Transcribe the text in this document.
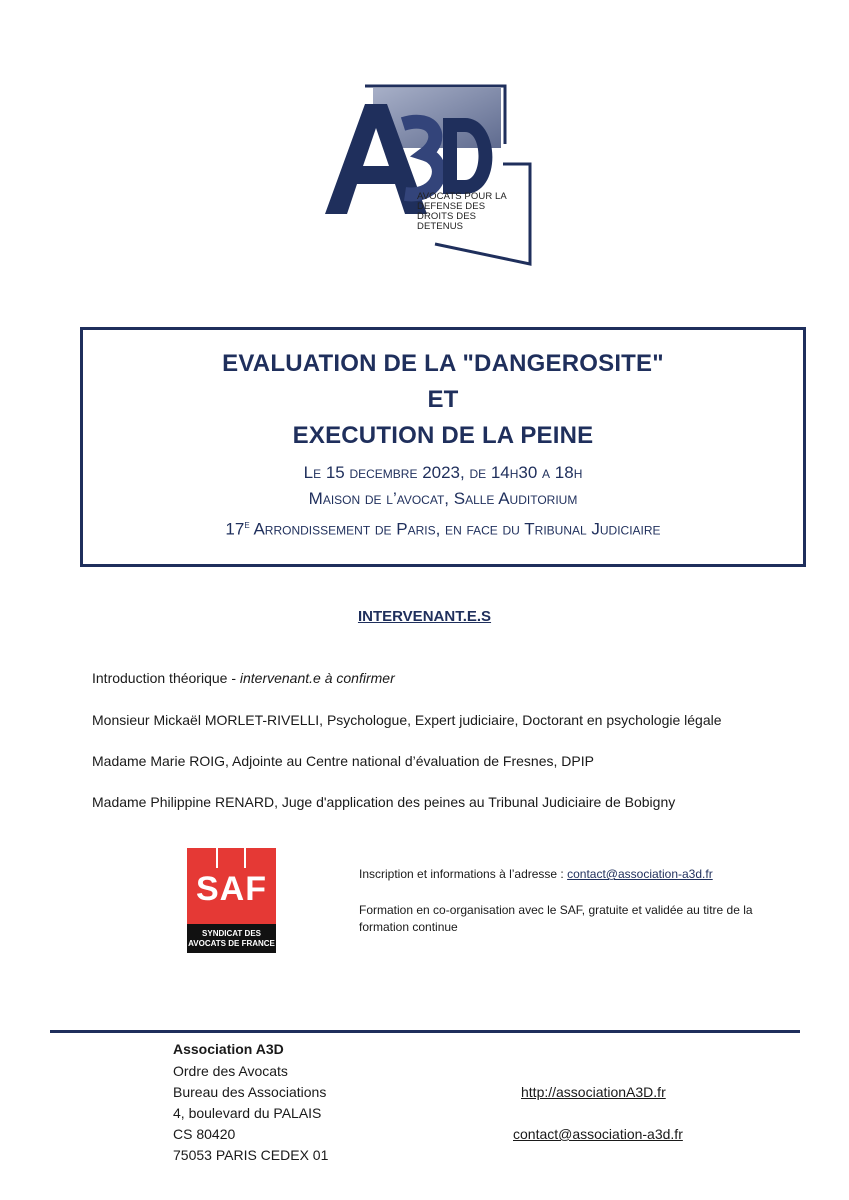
AVOCATS POUR LA
DEFENSE DES
DROITS DES
DETENUS
EVALUATION DE LA "DANGEROSITE"
ET
EXECUTION DE LA PEINE
Le 15 decembre 2023, de 14h30 a 18h
Maison de l’avocat, Salle Auditorium
17e Arrondissement de Paris, en face du Tribunal Judiciaire
INTERVENANT.E.S
Introduction théorique - intervenant.e à confirmer
Monsieur Mickaël MORLET-RIVELLI, Psychologue, Expert judiciaire, Doctorant en psychologie légale
Madame Marie ROIG, Adjointe au Centre national d’évaluation de Fresnes, DPIP
Madame Philippine RENARD, Juge d'application des peines au Tribunal Judiciaire de Bobigny
SAF
SYNDICAT DES
AVOCATS DE FRANCE
Inscription et informations à l’adresse : contact@association-a3d.fr
Formation en co-organisation avec le SAF, gratuite et validée au titre de la
formation continue
Association A3D
Ordre des Avocats
Bureau des Associations
4, boulevard du PALAIS
CS 80420
75053 PARIS CEDEX 01
http://associationA3D.fr
contact@association-a3d.fr
